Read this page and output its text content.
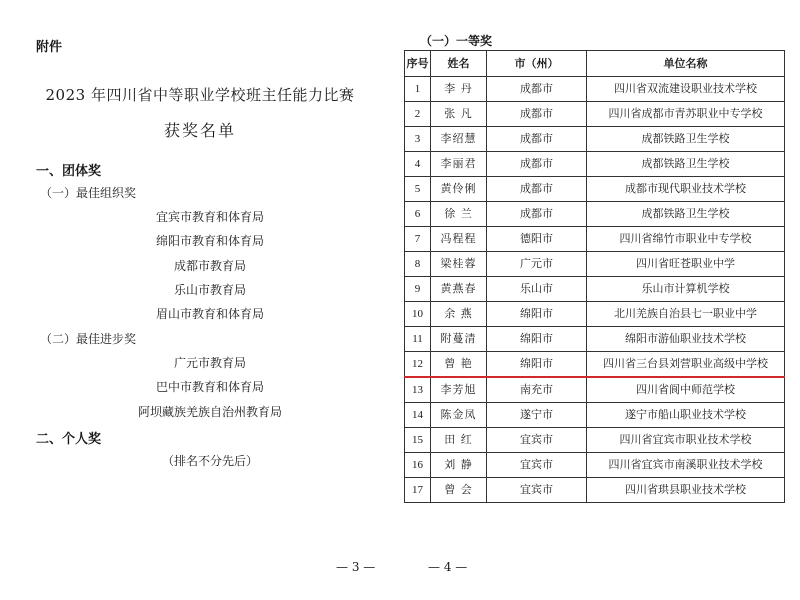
附件
2023 年四川省中等职业学校班主任能力比赛
获奖名单
一、团体奖
（一）最佳组织奖
宜宾市教育和体育局
绵阳市教育和体育局
成都市教育局
乐山市教育局
眉山市教育和体育局
（二）最佳进步奖
广元市教育局
巴中市教育和体育局
阿坝藏族羌族自治州教育局
二、个人奖
（排名不分先后）
— 3 —
（一）一等奖
序号	姓名	市（州）	单位名称
1	李 丹	成都市	四川省双流建设职业技术学校
2	张 凡	成都市	四川省成都市青苏职业中专学校
3	李绍慧	成都市	成都铁路卫生学校
4	李丽君	成都市	成都铁路卫生学校
5	黄伶俐	成都市	成都市现代职业技术学校
6	徐 兰	成都市	成都铁路卫生学校
7	冯程程	德阳市	四川省绵竹市职业中专学校
8	梁桂蓉	广元市	四川省旺苍职业中学
9	黄燕春	乐山市	乐山市计算机学校
10	余 燕	绵阳市	北川羌族自治县七一职业中学
11	附蔓清	绵阳市	绵阳市游仙职业技术学校
12	曾 艳	绵阳市	四川省三台县刘营职业高级中学校
13	李芳旭	南充市	四川省阆中师范学校
14	陈金凤	遂宁市	遂宁市船山职业技术学校
15	田 红	宜宾市	四川省宜宾市职业技术学校
16	刘 静	宜宾市	四川省宜宾市南溪职业技术学校
17	曾 会	宜宾市	四川省珙县职业技术学校
— 4 —
